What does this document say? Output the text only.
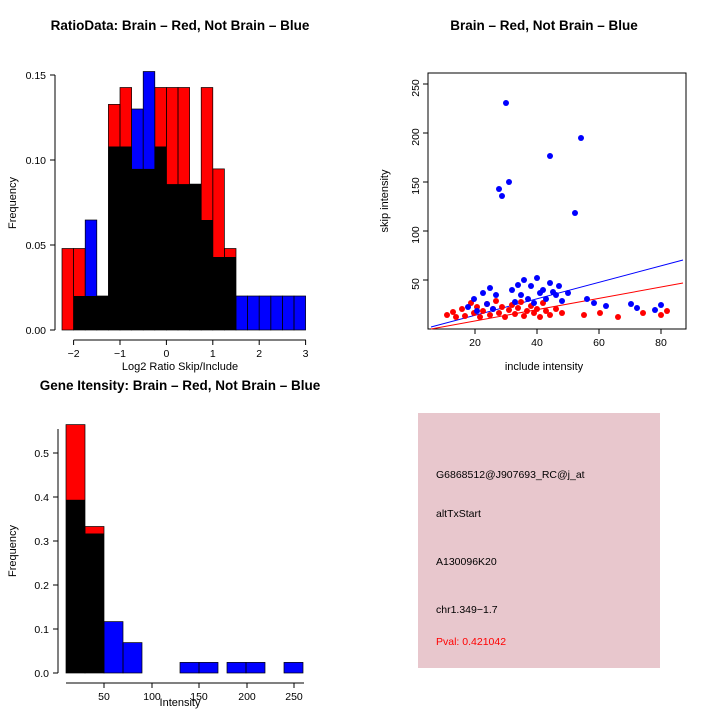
RatioData: Brain – Red, Not Brain – Blue
0.00
0.05
0.10
0.15
−2	−1	0	1	2	3
Frequency
Log2 Ratio Skip/Include
Brain – Red, Not Brain – Blue
50
100
150
200
250
20	40	60	80
skip intensity
include intensity
Gene Itensity: Brain – Red, Not Brain – Blue
0.0
0.1
0.2
0.3
0.4
0.5
50	100	150	200	250
Frequency
Intensity
G6868512@J907693_RC@j_at
altTxStart
A130096K20
chr1.349−1.7
Pval: 0.421042
